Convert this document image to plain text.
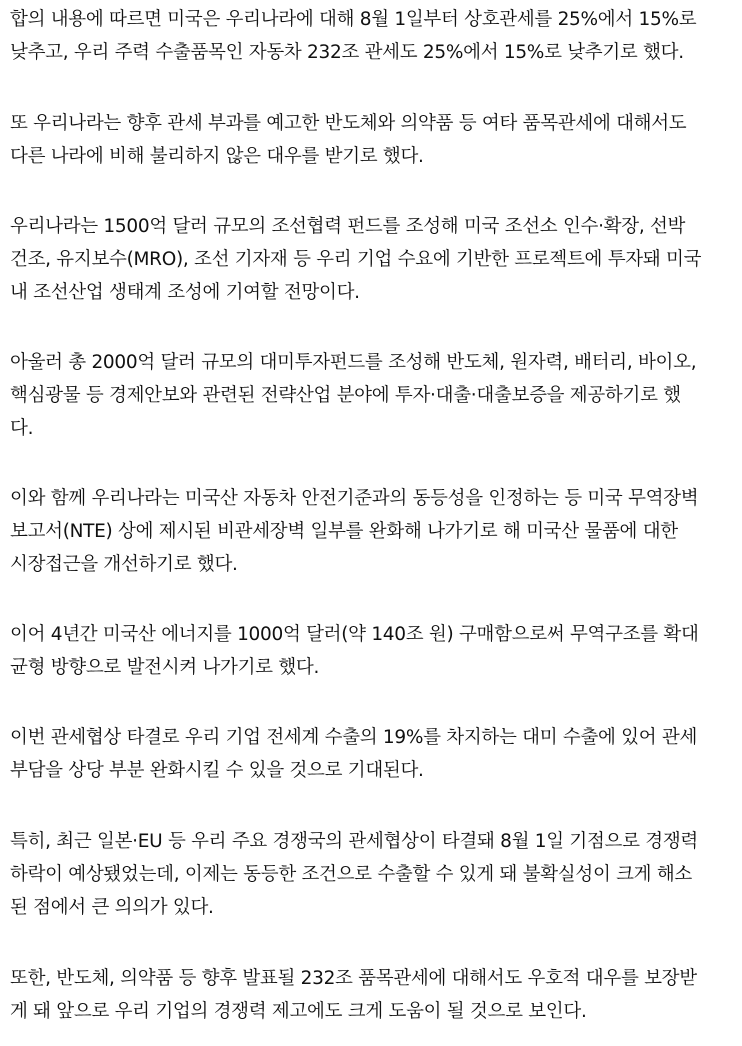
합의 내용에 따르면 미국은 우리나라에 대해 8월 1일부터 상호관세를 25%에서 15%로
낮추고, 우리 주력 수출품목인 자동차 232조 관세도 25%에서 15%로 낮추기로 했다.

또 우리나라는 향후 관세 부과를 예고한 반도체와 의약품 등 여타 품목관세에 대해서도
다른 나라에 비해 불리하지 않은 대우를 받기로 했다.

우리나라는 1500억 달러 규모의 조선협력 펀드를 조성해 미국 조선소 인수·확장, 선박
건조, 유지보수(MRO), 조선 기자재 등 우리 기업 수요에 기반한 프로젝트에 투자돼 미국
내 조선산업 생태계 조성에 기여할 전망이다.

아울러 총 2000억 달러 규모의 대미투자펀드를 조성해 반도체, 원자력, 배터리, 바이오,
핵심광물 등 경제안보와 관련된 전략산업 분야에 투자·대출·대출보증을 제공하기로 했
다.

이와 함께 우리나라는 미국산 자동차 안전기준과의 동등성을 인정하는 등 미국 무역장벽
보고서(NTE) 상에 제시된 비관세장벽 일부를 완화해 나가기로 해 미국산 물품에 대한
시장접근을 개선하기로 했다.

이어 4년간 미국산 에너지를 1000억 달러(약 140조 원) 구매함으로써 무역구조를 확대
균형 방향으로 발전시켜 나가기로 했다.

이번 관세협상 타결로 우리 기업 전세계 수출의 19%를 차지하는 대미 수출에 있어 관세
부담을 상당 부분 완화시킬 수 있을 것으로 기대된다.

특히, 최근 일본·EU 등 우리 주요 경쟁국의 관세협상이 타결돼 8월 1일 기점으로 경쟁력
하락이 예상됐었는데, 이제는 동등한 조건으로 수출할 수 있게 돼 불확실성이 크게 해소
된 점에서 큰 의의가 있다.

또한, 반도체, 의약품 등 향후 발표될 232조 품목관세에 대해서도 우호적 대우를 보장받
게 돼 앞으로 우리 기업의 경쟁력 제고에도 크게 도움이 될 것으로 보인다.
